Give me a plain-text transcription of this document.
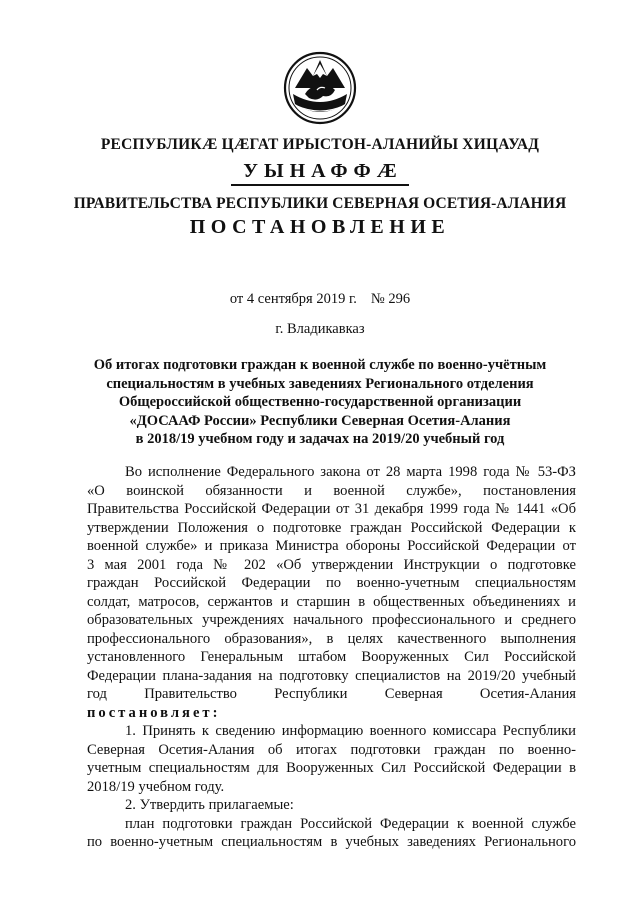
РЕСПУБЛИКӔ ЦӔГАТ ИРЫСТОН-АЛАНИЙЫ ХИЦАУАД
УЫНАФФӔ
ПРАВИТЕЛЬСТВА РЕСПУБЛИКИ СЕВЕРНАЯ ОСЕТИЯ-АЛАНИЯ
ПОСТАНОВЛЕНИЕ
от 4 сентября 2019 г. № 296
г. Владикавказ
Об итогах подготовки граждан к военной службе по военно-учётным
специальностям в учебных заведениях Регионального отделения
Общероссийской общественно-государственной организации
«ДОСААФ России» Республики Северная Осетия-Алания
в 2018/19 учебном году и задачах на 2019/20 учебный год
Во исполнение Федерального закона от 28 марта 1998 года № 53-ФЗ
«О воинской обязанности и военной службе», постановления
Правительства Российской Федерации от 31 декабря 1999 года № 1441 «Об
утверждении Положения о подготовке граждан Российской Федерации к
военной службе» и приказа Министра обороны Российской Федерации от
3 мая 2001 года № 202 «Об утверждении Инструкции о подготовке
граждан Российской Федерации по военно-учетным специальностям
солдат, матросов, сержантов и старшин в общественных объединениях и
образовательных учреждениях начального профессионального и среднего
профессионального образования», в целях качественного выполнения
установленного Генеральным штабом Вооруженных Сил Российской
Федерации плана-задания на подготовку специалистов на 2019/20 учебный
год Правительство Республики Северная Осетия-Алания
постановляет:
1. Принять к сведению информацию военного комиссара Республики
Северная Осетия-Алания об итогах подготовки граждан по военно-
учетным специальностям для Вооруженных Сил Российской Федерации в
2018/19 учебном году.
2. Утвердить прилагаемые:
план подготовки граждан Российской Федерации к военной службе
по военно-учетным специальностям в учебных заведениях Регионального
